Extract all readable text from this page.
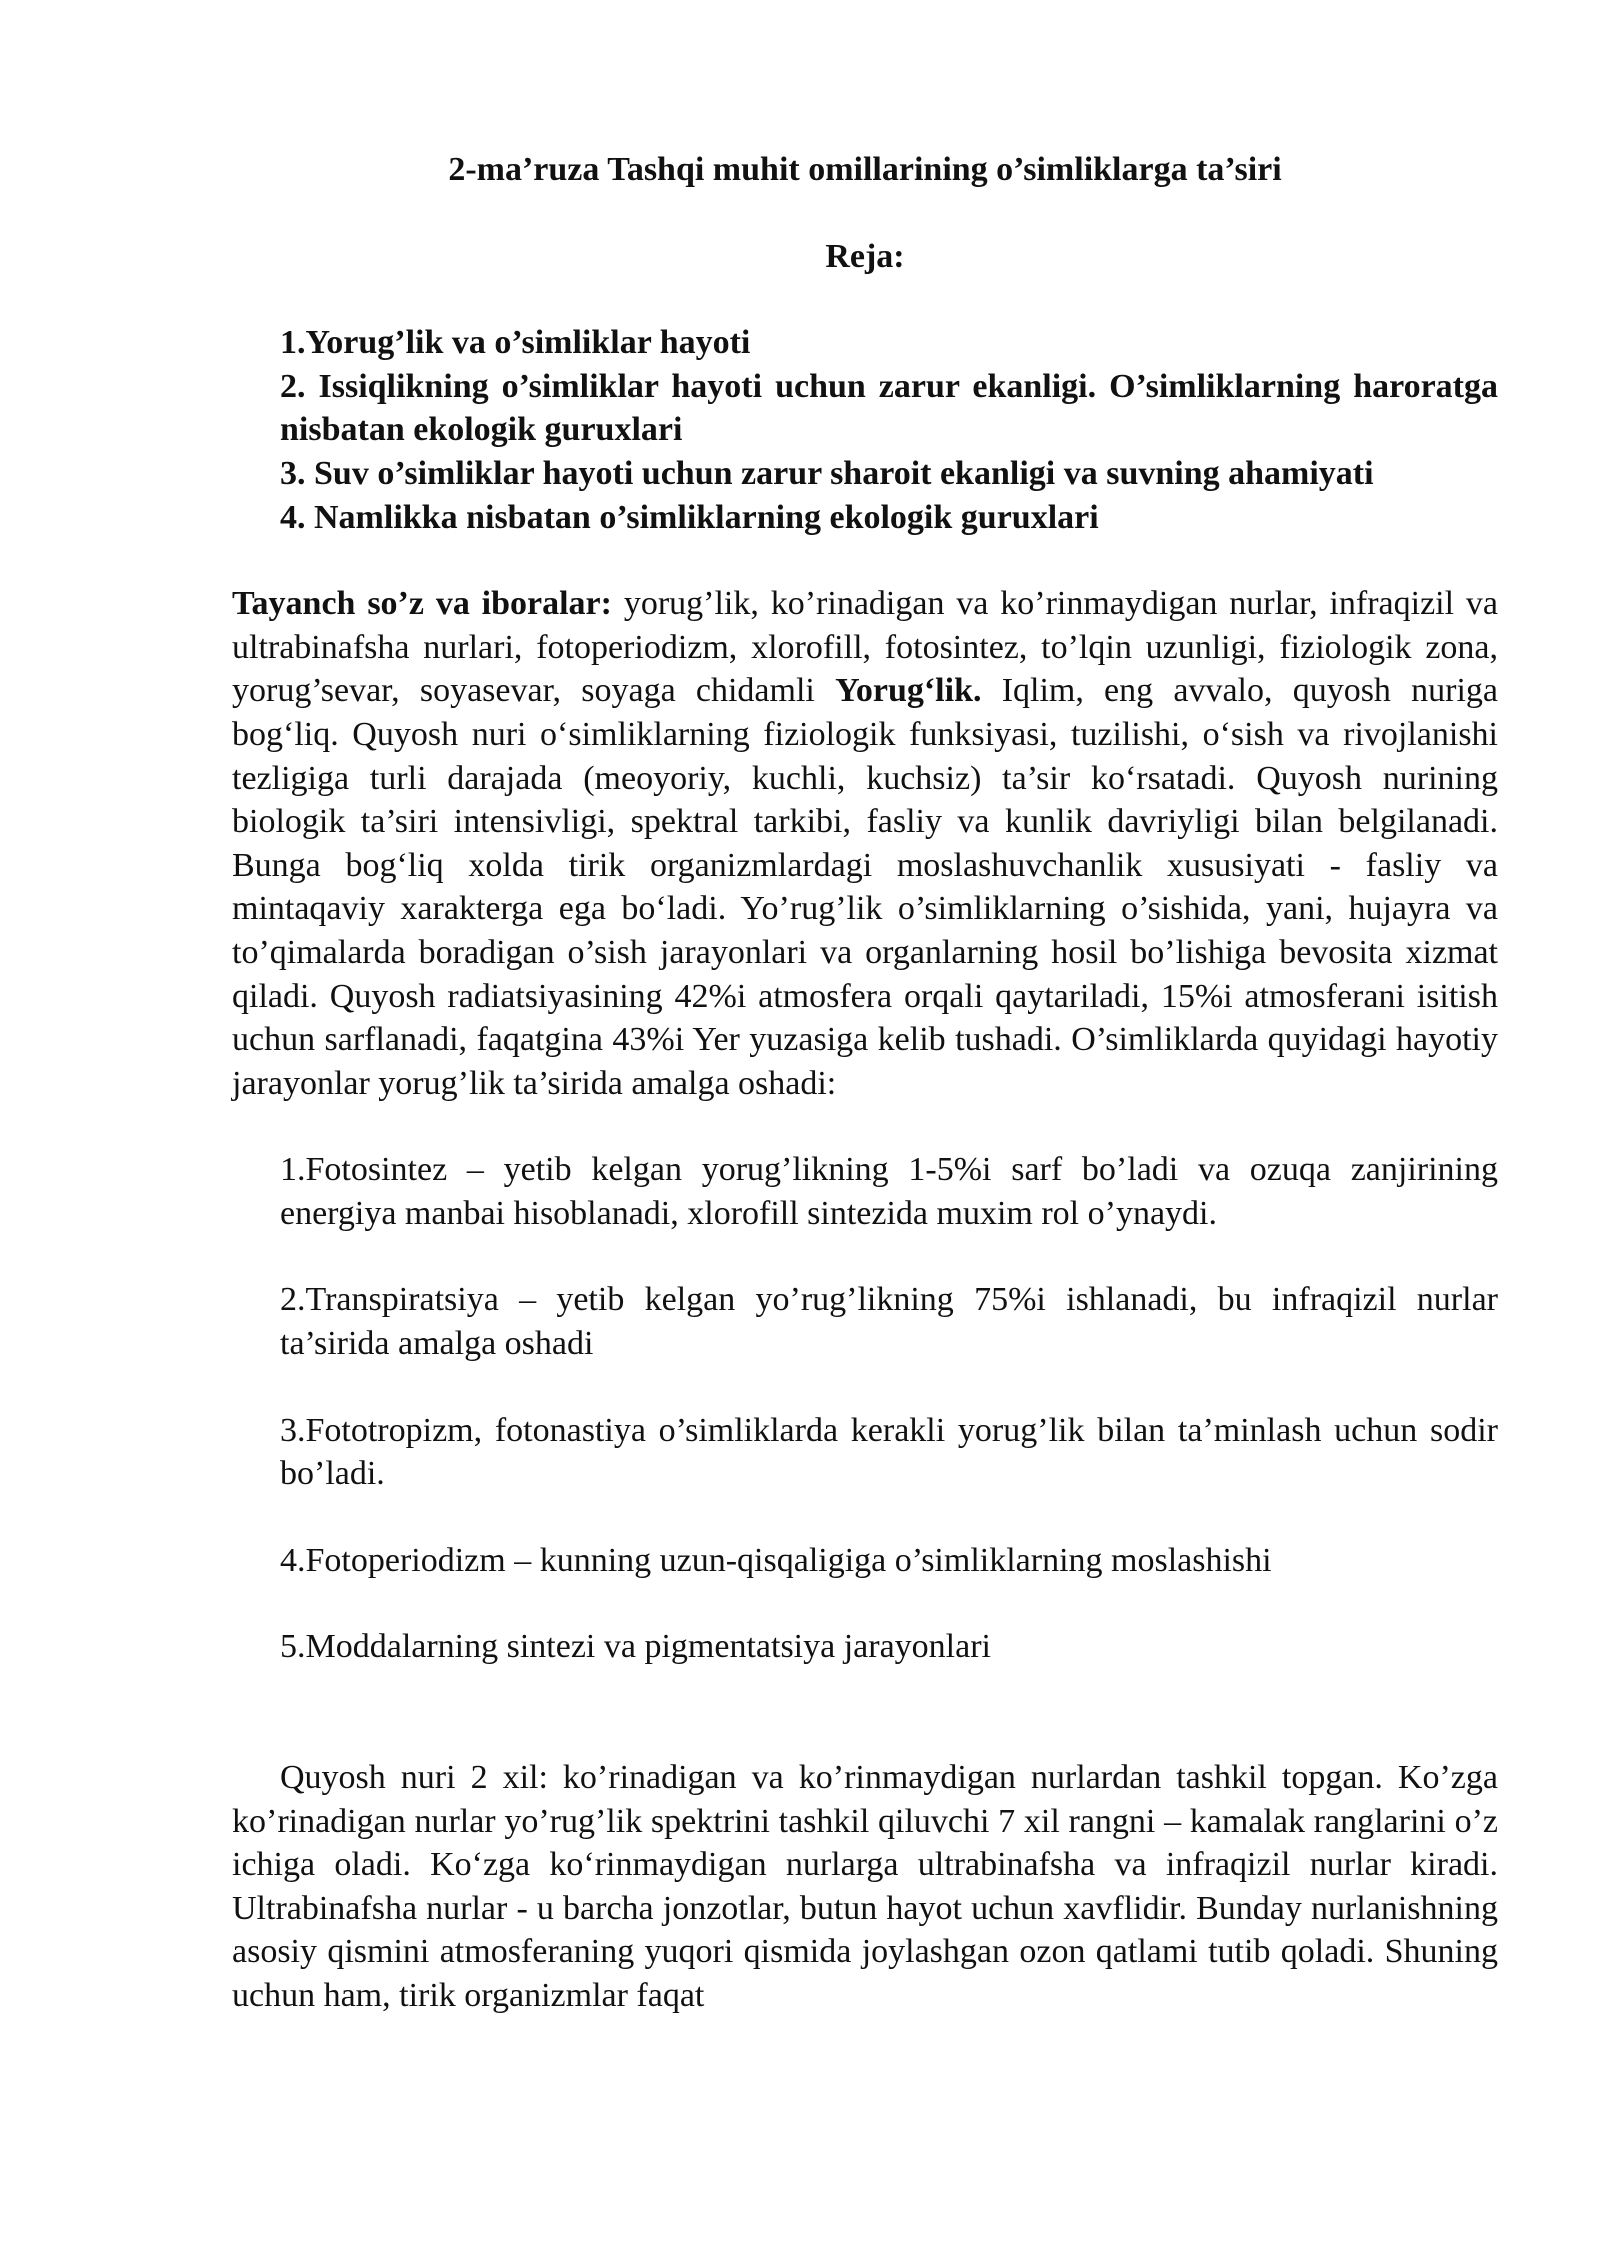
2-ma’ruza Tashqi muhit omillarining o’simliklarga ta’siri
Reja:
1.Yorug’lik va o’simliklar hayoti
2. Issiqlikning o’simliklar hayoti uchun zarur ekanligi. O’simliklarning haroratga nisbatan ekologik guruxlari
3. Suv o’simliklar hayoti uchun zarur sharoit ekanligi va suvning ahamiyati
4. Namlikka nisbatan o’simliklarning ekologik guruxlari

Tayanch so’z va iboralar: yorug’lik, ko’rinadigan va ko’rinmaydigan nurlar, infraqizil va ultrabinafsha nurlari, fotoperiodizm, xlorofill, fotosintez, to’lqin uzunligi, fiziologik zona, yorug’sevar, soyasevar, soyaga chidamli Yorug‘lik. Iqlim, eng avvalo, quyosh nuriga bog‘liq. Quyosh nuri o‘simliklarning fiziologik funksiyasi, tuzilishi, o‘sish va rivojlanishi tezligiga turli darajada (meoyoriy, kuchli, kuchsiz) ta’sir ko‘rsatadi. Quyosh nurining biologik ta’siri intensivligi, spektral tarkibi, fasliy va kunlik davriyligi bilan belgilanadi. Bunga bog‘liq xolda tirik organizmlardagi moslashuvchanlik xususiyati - fasliy va mintaqaviy xarakterga ega bo‘ladi. Yo’rug’lik o’simliklarning o’sishida, yani, hujayra va to’qimalarda boradigan o’sish jarayonlari va organlarning hosil bo’lishiga bevosita xizmat qiladi. Quyosh radiatsiyasining 42%i atmosfera orqali qaytariladi, 15%i atmosferani isitish uchun sarflanadi, faqatgina 43%i Yer yuzasiga kelib tushadi. O’simliklarda quyidagi hayotiy jarayonlar yorug’lik ta’sirida amalga oshadi:

1.Fotosintez – yetib kelgan yorug’likning 1-5%i sarf bo’ladi va ozuqa zanjirining energiya manbai hisoblanadi, xlorofill sintezida muxim rol o’ynaydi.
2.Transpiratsiya – yetib kelgan yo’rug’likning 75%i ishlanadi, bu infraqizil nurlar ta’sirida amalga oshadi
3.Fototropizm, fotonastiya o’simliklarda kerakli yorug’lik bilan ta’minlash uchun sodir bo’ladi.
4.Fotoperiodizm – kunning uzun-qisqaligiga o’simliklarning moslashishi
5.Moddalarning sintezi va pigmentatsiya jarayonlari

Quyosh nuri 2 xil: ko’rinadigan va ko’rinmaydigan nurlardan tashkil topgan. Ko’zga ko’rinadigan nurlar yo’rug’lik spektrini tashkil qiluvchi 7 xil rangni – kamalak ranglarini o’z ichiga oladi. Ko‘zga ko‘rinmaydigan nurlarga ultrabinafsha va infraqizil nurlar kiradi. Ultrabinafsha nurlar - u barcha jonzotlar, butun hayot uchun xavflidir. Bunday nurlanishning asosiy qismini atmosferaning yuqori qismida joylashgan ozon qatlami tutib qoladi. Shuning uchun ham, tirik organizmlar faqat
